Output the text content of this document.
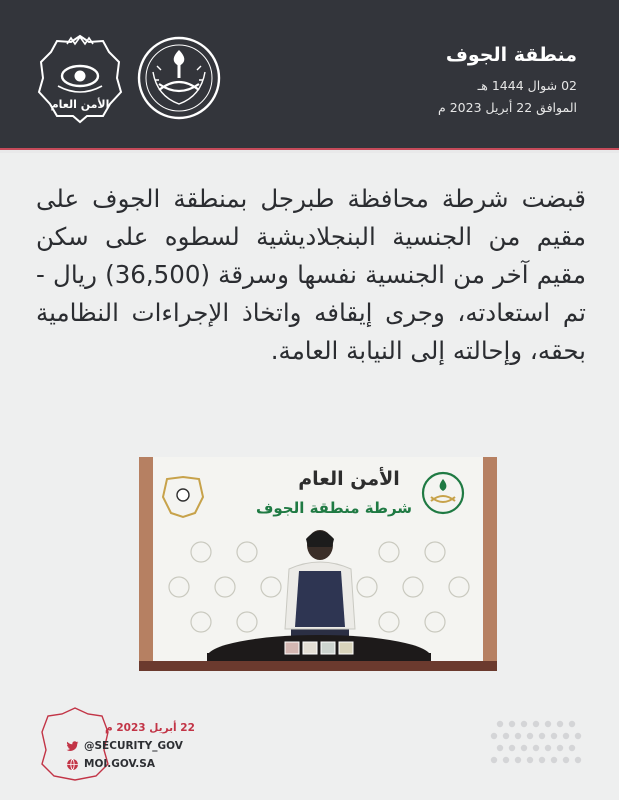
الأمن العام
منطقة الجوف
02 شوال 1444 هـ
الموافق 22 أبريل 2023 م
قبضت شرطة محافظة طبرجل بمنطقة الجوف على مقيم من الجنسية البنجلاديشية لسطوه على سكن مقيم آخر من الجنسية نفسها وسرقة (36,500) ريال - تم استعادته، وجرى إيقافه واتخاذ الإجراءات النظامية بحقه، وإحالته إلى النيابة العامة.
الأمن العام
شرطة منطقة الجوف
22 أبريل 2023 م
@SECURITY_GOV
MOI.GOV.SA
